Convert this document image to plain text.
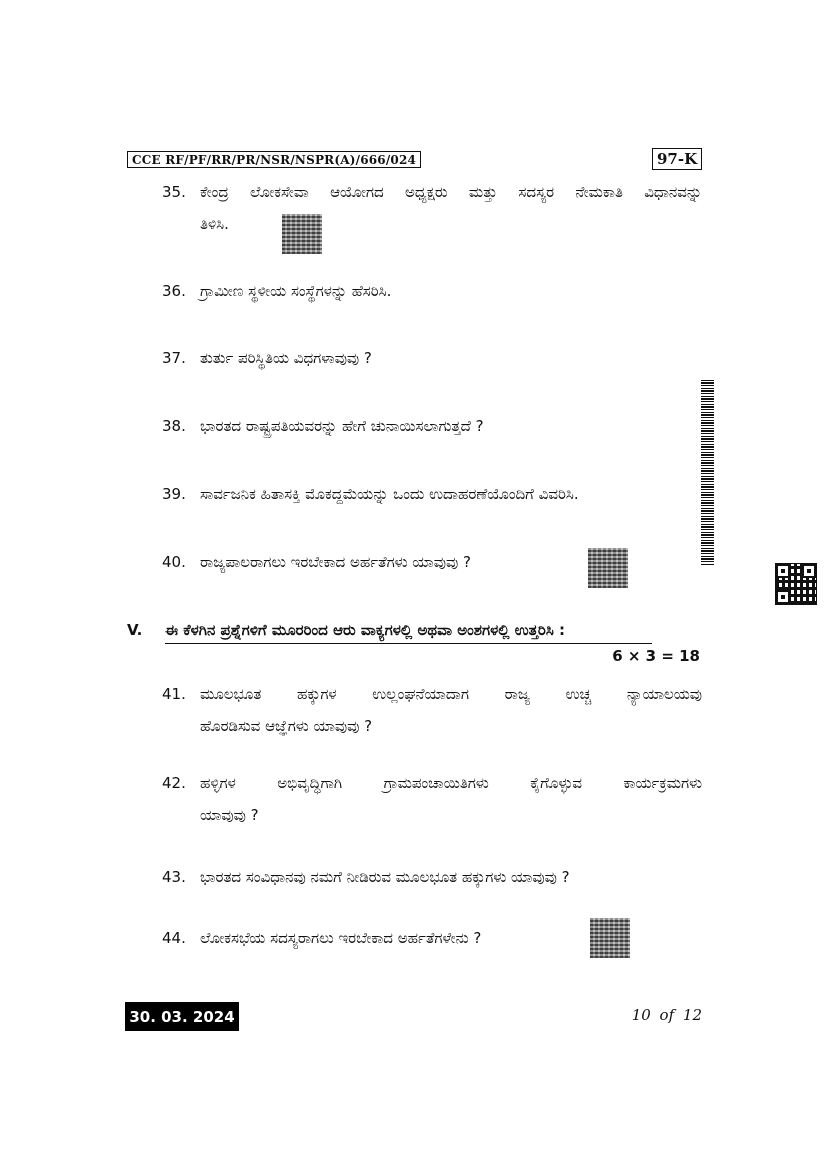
CCE RF/PF/RR/PR/NSR/NSPR(A)/666/024	97-K
35. ಕೇಂದ್ರ ಲೋಕಸೇವಾ ಆಯೋಗದ ಅಧ್ಯಕ್ಷರು ಮತ್ತು ಸದಸ್ಯರ ನೇಮಕಾತಿ ವಿಧಾನವನ್ನು
ತಿಳಿಸಿ.
36. ಗ್ರಾಮೀಣ ಸ್ಥಳೀಯ ಸಂಸ್ಥೆಗಳನ್ನು ಹೆಸರಿಸಿ.
37. ತುರ್ತು ಪರಿಸ್ಥಿತಿಯ ವಿಧಗಳಾವುವು ?
38. ಭಾರತದ ರಾಷ್ಟ್ರಪತಿಯವರನ್ನು ಹೇಗೆ ಚುನಾಯಿಸಲಾಗುತ್ತದೆ ?
39. ಸಾರ್ವಜನಿಕ ಹಿತಾಸಕ್ತಿ ಮೊಕದ್ದಮೆಯನ್ನು ಒಂದು ಉದಾಹರಣೆಯೊಂದಿಗೆ ವಿವರಿಸಿ.
40. ರಾಜ್ಯಪಾಲರಾಗಲು ಇರಬೇಕಾದ ಅರ್ಹತೆಗಳು ಯಾವುವು ?
V. ಈ ಕೆಳಗಿನ ಪ್ರಶ್ನೆಗಳಿಗೆ ಮೂರರಿಂದ ಆರು ವಾಕ್ಯಗಳಲ್ಲಿ ಅಥವಾ ಅಂಶಗಳಲ್ಲಿ ಉತ್ತರಿಸಿ :
6 × 3 = 18
41. ಮೂಲಭೂತ ಹಕ್ಕುಗಳ ಉಲ್ಲಂಘನೆಯಾದಾಗ ರಾಜ್ಯ ಉಚ್ಚ ನ್ಯಾಯಾಲಯವು
ಹೊರಡಿಸುವ ಆಜ್ಞೆಗಳು ಯಾವುವು ?
42. ಹಳ್ಳಿಗಳ ಅಭಿವೃದ್ಧಿಗಾಗಿ ಗ್ರಾಮಪಂಚಾಯಿತಿಗಳು ಕೈಗೊಳ್ಳುವ ಕಾರ್ಯಕ್ರಮಗಳು
ಯಾವುವು ?
43. ಭಾರತದ ಸಂವಿಧಾನವು ನಮಗೆ ನೀಡಿರುವ ಮೂಲಭೂತ ಹಕ್ಕುಗಳು ಯಾವುವು ?
44. ಲೋಕಸಭೆಯ ಸದಸ್ಯರಾಗಲು ಇರಬೇಕಾದ ಅರ್ಹತೆಗಳೇನು ?
30. 03. 2024	10 of 12
